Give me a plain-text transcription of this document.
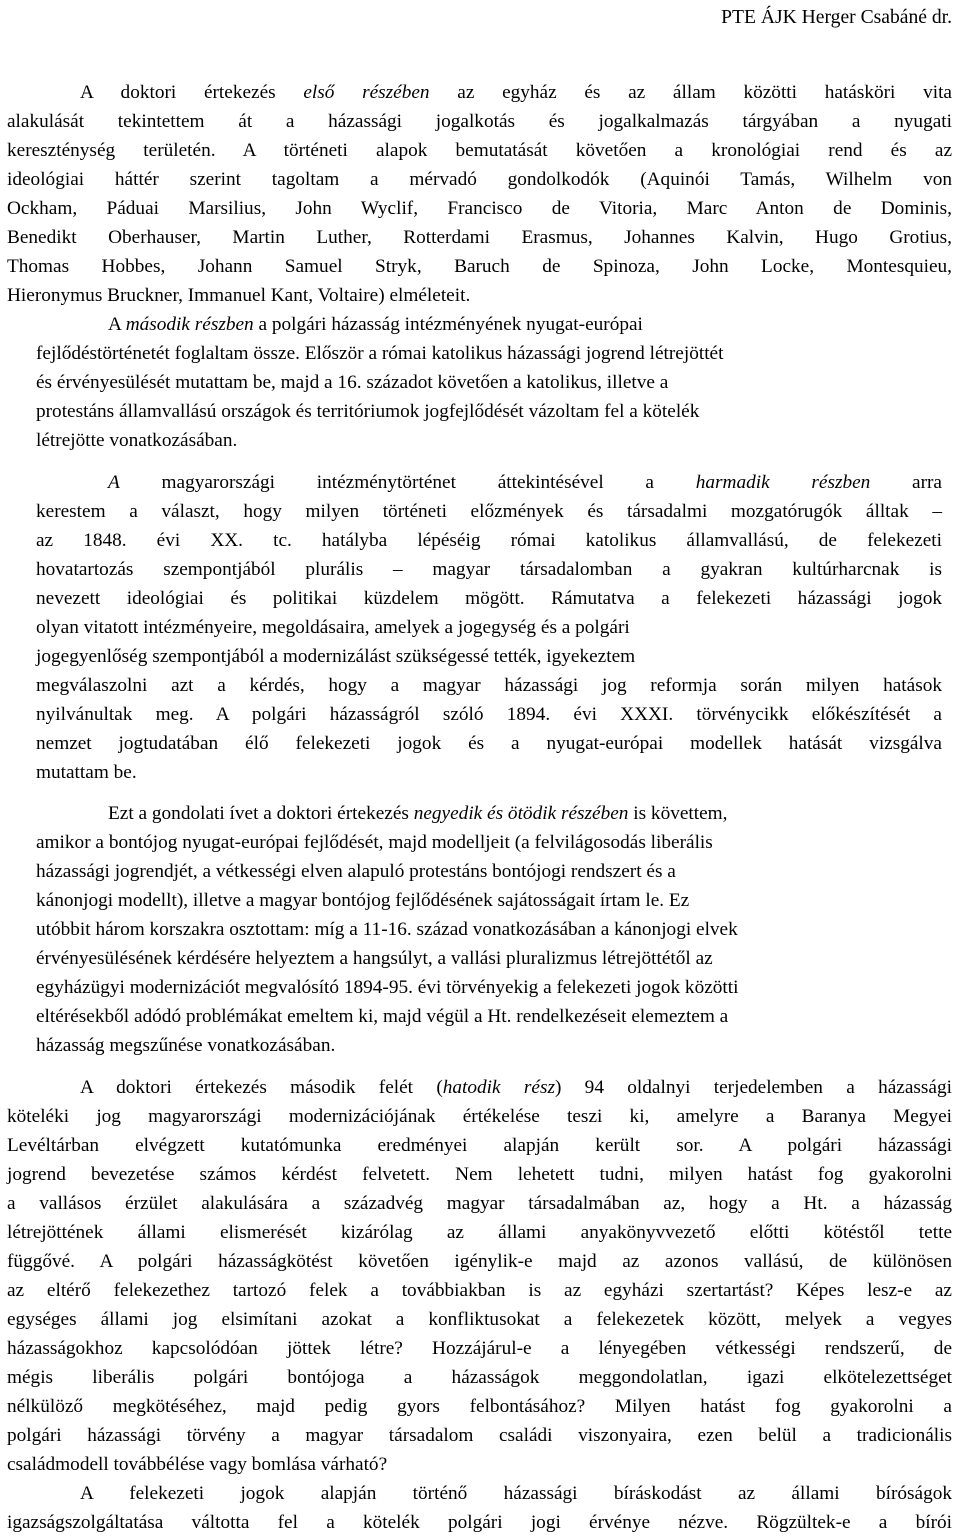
PTE ÁJK Herger Csabáné dr.

A doktori értekezés első részében az egyház és az állam közötti hatásköri vita
alakulását tekintettem át a házassági jogalkotás és jogalkalmazás tárgyában a nyugati
kereszténység területén. A történeti alapok bemutatását követően a kronológiai rend és az
ideológiai háttér szerint tagoltam a mérvadó gondolkodók (Aquinói Tamás, Wilhelm von
Ockham, Páduai Marsilius, John Wyclif, Francisco de Vitoria, Marc Anton de Dominis,
Benedikt Oberhauser, Martin Luther, Rotterdami Erasmus, Johannes Kalvin, Hugo Grotius,
Thomas Hobbes, Johann Samuel Stryk, Baruch de Spinoza, John Locke, Montesquieu,
Hieronymus Bruckner, Immanuel Kant, Voltaire) elméleteit.
A második részben a polgári házasság intézményének nyugat-európai
fejlődéstörténetét foglaltam össze. Először a római katolikus házassági jogrend létrejöttét
és érvényesülését mutattam be, majd a 16. századot követően a katolikus, illetve a
protestáns államvallású országok és territóriumok jogfejlődését vázoltam fel a kötelék
létrejötte vonatkozásában.
A magyarországi intézménytörténet áttekintésével a harmadik részben arra
kerestem a választ, hogy milyen történeti előzmények és társadalmi mozgatórugók álltak –
az 1848. évi XX. tc. hatályba lépéséig római katolikus államvallású, de felekezeti
hovatartozás szempontjából plurális – magyar társadalomban a gyakran kultúrharcnak is
nevezett ideológiai és politikai küzdelem mögött. Rámutatva a felekezeti házassági jogok
olyan vitatott intézményeire, megoldásaira, amelyek a jogegység és a polgári
jogegyenlőség szempontjából a modernizálást szükségessé tették, igyekeztem
megválaszolni azt a kérdés, hogy a magyar házassági jog reformja során milyen hatások
nyilvánultak meg. A polgári házasságról szóló 1894. évi XXXI. törvénycikk előkészítését a
nemzet jogtudatában élő felekezeti jogok és a nyugat-európai modellek hatását vizsgálva
mutattam be.
Ezt a gondolati ívet a doktori értekezés negyedik és ötödik részében is követtem,
amikor a bontójog nyugat-európai fejlődését, majd modelljeit (a felvilágosodás liberális
házassági jogrendjét, a vétkességi elven alapuló protestáns bontójogi rendszert és a
kánonjogi modellt), illetve a magyar bontójog fejlődésének sajátosságait írtam le. Ez
utóbbit három korszakra osztottam: míg a 11-16. század vonatkozásában a kánonjogi elvek
érvényesülésének kérdésére helyeztem a hangsúlyt, a vallási pluralizmus létrejöttétől az
egyházügyi modernizációt megvalósító 1894-95. évi törvényekig a felekezeti jogok közötti
eltérésekből adódó problémákat emeltem ki, majd végül a Ht. rendelkezéseit elemeztem a
házasság megszűnése vonatkozásában.
A doktori értekezés második felét (hatodik rész) 94 oldalnyi terjedelemben a házassági
köteléki jog magyarországi modernizációjának értékelése teszi ki, amelyre a Baranya Megyei
Levéltárban elvégzett kutatómunka eredményei alapján került sor. A polgári házassági
jogrend bevezetése számos kérdést felvetett. Nem lehetett tudni, milyen hatást fog gyakorolni
a vallásos érzület alakulására a századvég magyar társadalmában az, hogy a Ht. a házasság
létrejöttének állami elismerését kizárólag az állami anyakönyvvezető előtti kötéstől tette
függővé. A polgári házasságkötést követően igénylik-e majd az azonos vallású, de különösen
az eltérő felekezethez tartozó felek a továbbiakban is az egyházi szertartást? Képes lesz-e az
egységes állami jog elsimítani azokat a konfliktusokat a felekezetek között, melyek a vegyes
házasságokhoz kapcsolódóan jöttek létre? Hozzájárul-e a lényegében vétkességi rendszerű, de
mégis liberális polgári bontójoga a házasságok meggondolatlan, igazi elkötelezettséget
nélkülöző megkötéséhez, majd pedig gyors felbontásához? Milyen hatást fog gyakorolni a
polgári házassági törvény a magyar társadalom családi viszonyaira, ezen belül a tradicionális
családmodell továbbélése vagy bomlása várható?
A felekezeti jogok alapján történő házassági bíráskodást az állami bíróságok
igazságszolgáltatása váltotta fel a kötelék polgári jogi érvénye nézve. Rögzültek-e a bírói
